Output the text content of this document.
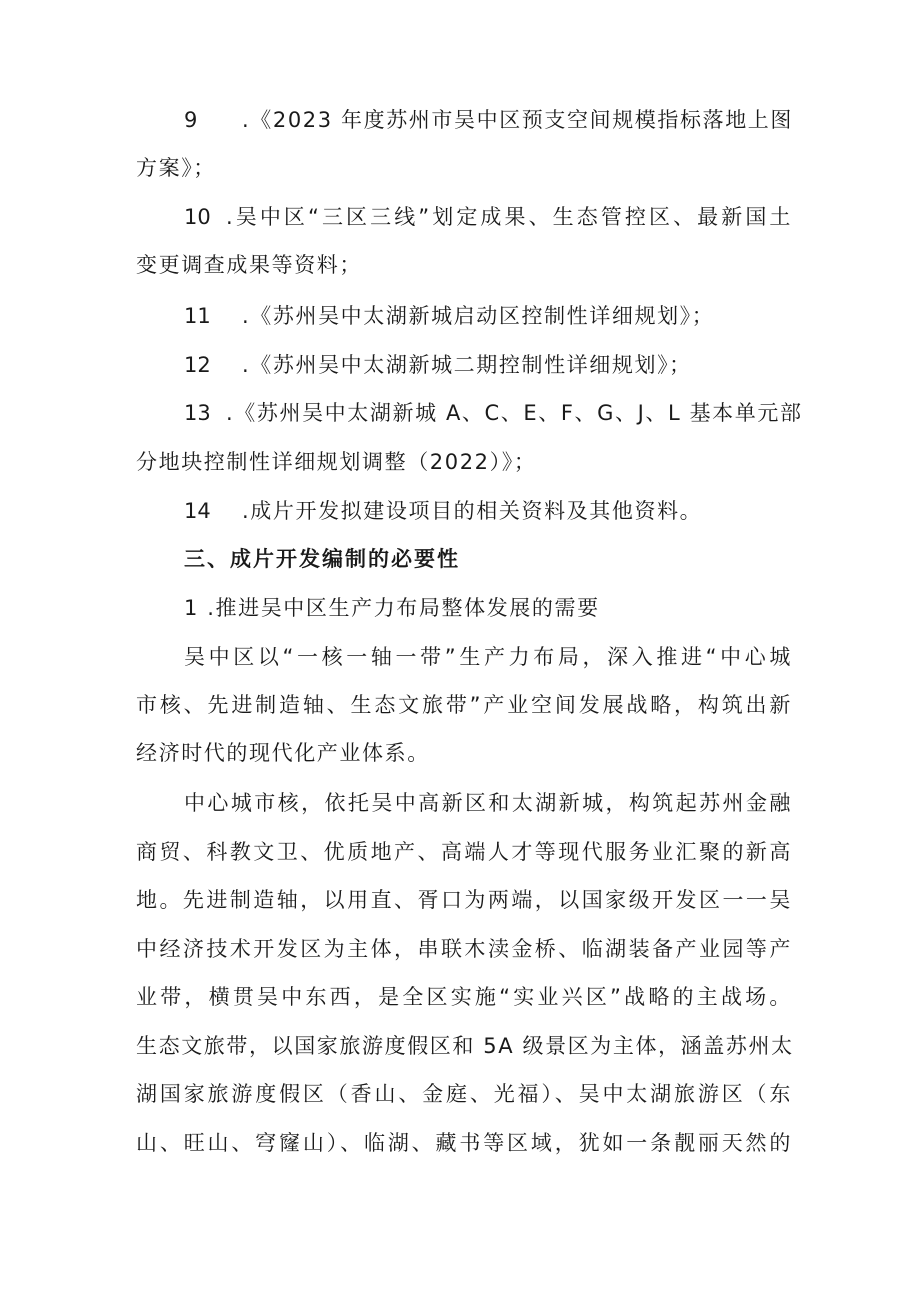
9 .《2023 年度苏州市吴中区预支空间规模指标落地上图
方案》；
10 .吴中区“三区三线”划定成果、生态管控区、最新国土
变更调查成果等资料；
11 .《苏州吴中太湖新城启动区控制性详细规划》；
12 .《苏州吴中太湖新城二期控制性详细规划》；
13 .《苏州吴中太湖新城 A、C、E、F、G、J、L 基本单元部
分地块控制性详细规划调整（2022）》；
14 .成片开发拟建设项目的相关资料及其他资料。
三、成片开发编制的必要性
1 .推进吴中区生产力布局整体发展的需要
吴中区以“一核一轴一带”生产力布局，深入推进“中心城
市核、先进制造轴、生态文旅带”产业空间发展战略，构筑出新
经济时代的现代化产业体系。
中心城市核，依托吴中高新区和太湖新城，构筑起苏州金融
商贸、科教文卫、优质地产、高端人才等现代服务业汇聚的新高
地。先进制造轴，以用直、胥口为两端，以国家级开发区一一吴
中经济技术开发区为主体，串联木渎金桥、临湖装备产业园等产
业带，横贯吴中东西，是全区实施“实业兴区”战略的主战场。
生态文旅带，以国家旅游度假区和 5A 级景区为主体，涵盖苏州太
湖国家旅游度假区（香山、金庭、光福）、吴中太湖旅游区（东
山、旺山、穹窿山）、临湖、藏书等区域，犹如一条靓丽天然的
